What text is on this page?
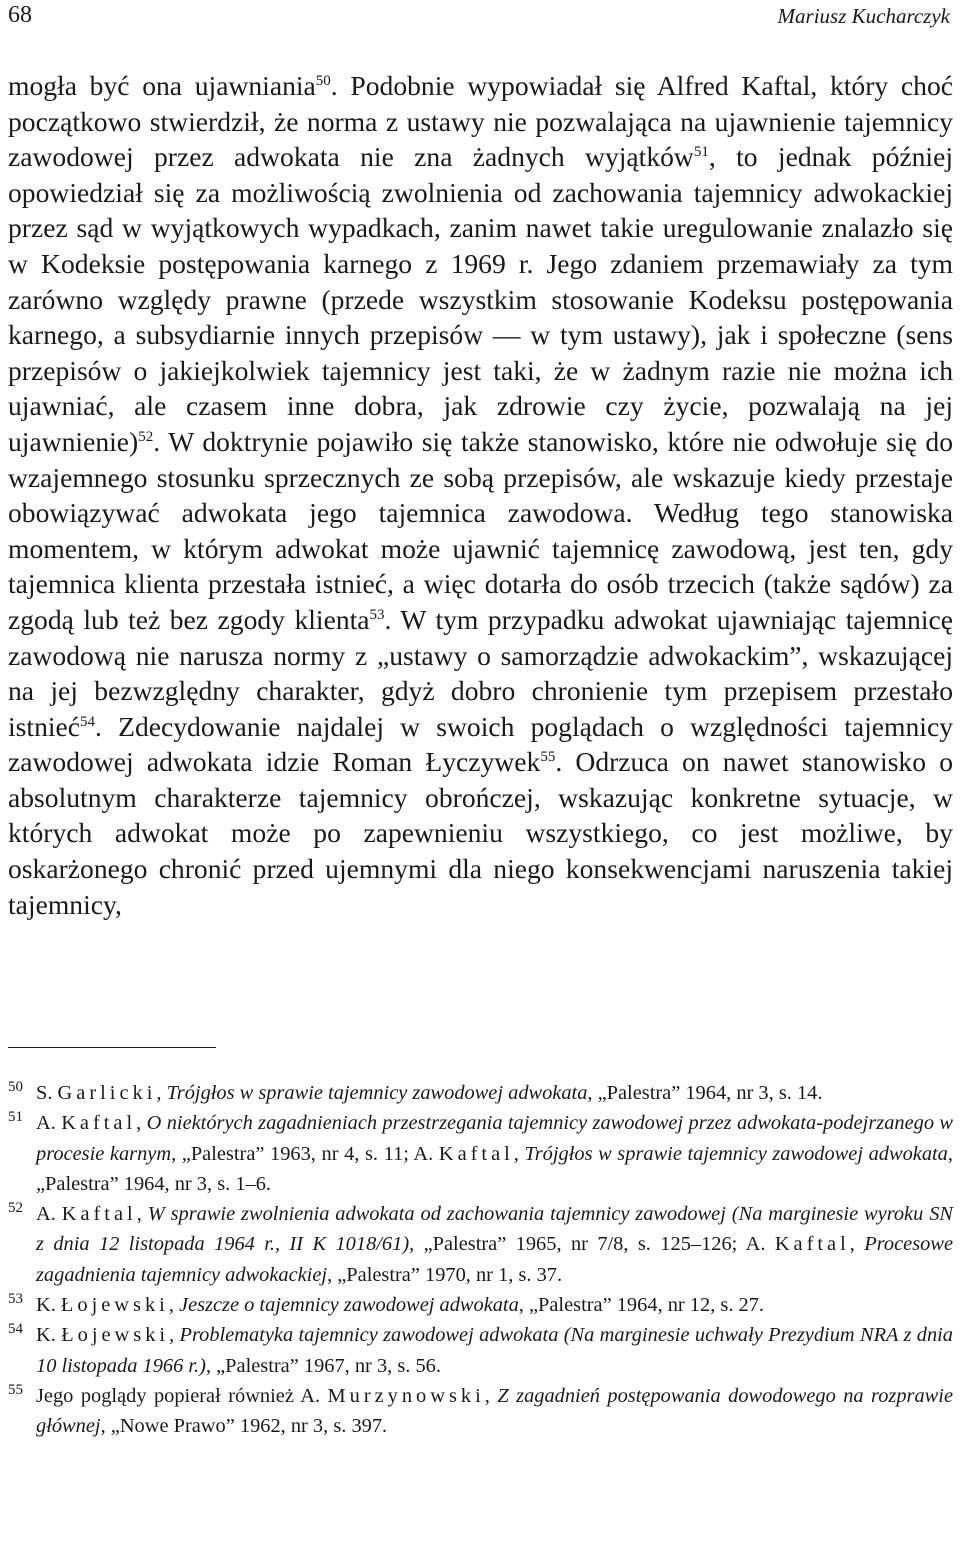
68	Mariusz Kucharczyk

mogła być ona ujawniania$^{50}$. Podobnie wypowiadał się Alfred Kaftal, który choć początkowo stwierdził, że norma z ustawy nie pozwalająca na ujawnienie tajemnicy zawodowej przez adwokata nie zna żadnych wyjątków$^{51}$, to jednak później opowiedział się za możliwością zwolnienia od zachowania tajemnicy adwokackiej przez sąd w wyjątkowych wypadkach, zanim nawet takie uregulowanie znalazło się w Kodeksie postępowania karnego z 1969 r. Jego zdaniem przemawiały za tym zarówno względy prawne (przede wszystkim stosowanie Kodeksu postępowania karnego, a subsydiarnie innych przepisów — w tym ustawy), jak i społeczne (sens przepisów o jakiejkolwiek tajemnicy jest taki, że w żadnym razie nie można ich ujawniać, ale czasem inne dobra, jak zdrowie czy życie, pozwalają na jej ujawnienie)$^{52}$. W doktrynie pojawiło się także stanowisko, które nie odwołuje się do wzajemnego stosunku sprzecznych ze sobą przepisów, ale wskazuje kiedy przestaje obowiązywać adwokata jego tajemnica zawodowa. Według tego stanowiska momentem, w którym adwokat może ujawnić tajemnicę zawodową, jest ten, gdy tajemnica klienta przestała istnieć, a więc dotarła do osób trzecich (także sądów) za zgodą lub też bez zgody klienta$^{53}$. W tym przypadku adwokat ujawniając tajemnicę zawodową nie narusza normy z „ustawy o samorządzie adwokackim”, wskazującej na jej bezwzględny charakter, gdyż dobro chronienie tym przepisem przestało istnieć$^{54}$. Zdecydowanie najdalej w swoich poglądach o względności tajemnicy zawodowej adwokata idzie Roman Łyczywek$^{55}$. Odrzuca on nawet stanowisko o absolutnym charakterze tajemnicy obrończej, wskazując konkretne sytuacje, w których adwokat może po zapewnieniu wszystkiego, co jest możliwe, by oskarżonego chronić przed ujemnymi dla niego konsekwencjami naruszenia takiej tajemnicy,

50 S. Garlicki, Trójgłos w sprawie tajemnicy zawodowej adwokata, „Palestra” 1964, nr 3, s. 14.
51 A. Kaftal, O niektórych zagadnieniach przestrzegania tajemnicy zawodowej przez adwokata-podejrzanego w procesie karnym, „Palestra” 1963, nr 4, s. 11; A. Kaftal, Trójgłos w sprawie tajemnicy zawodowej adwokata, „Palestra” 1964, nr 3, s. 1–6.
52 A. Kaftal, W sprawie zwolnienia adwokata od zachowania tajemnicy zawodowej (Na marginesie wyroku SN z dnia 12 listopada 1964 r., II K 1018/61), „Palestra” 1965, nr 7/8, s. 125–126; A. Kaftal, Procesowe zagadnienia tajemnicy adwokackiej, „Palestra” 1970, nr 1, s. 37.
53 K. Łojewski, Jeszcze o tajemnicy zawodowej adwokata, „Palestra” 1964, nr 12, s. 27.
54 K. Łojewski, Problematyka tajemnicy zawodowej adwokata (Na marginesie uchwały Prezydium NRA z dnia 10 listopada 1966 r.), „Palestra” 1967, nr 3, s. 56.
55 Jego poglądy popierał również A. Murzynowski, Z zagadnień postępowania dowodowego na rozprawie głównej, „Nowe Prawo” 1962, nr 3, s. 397.
